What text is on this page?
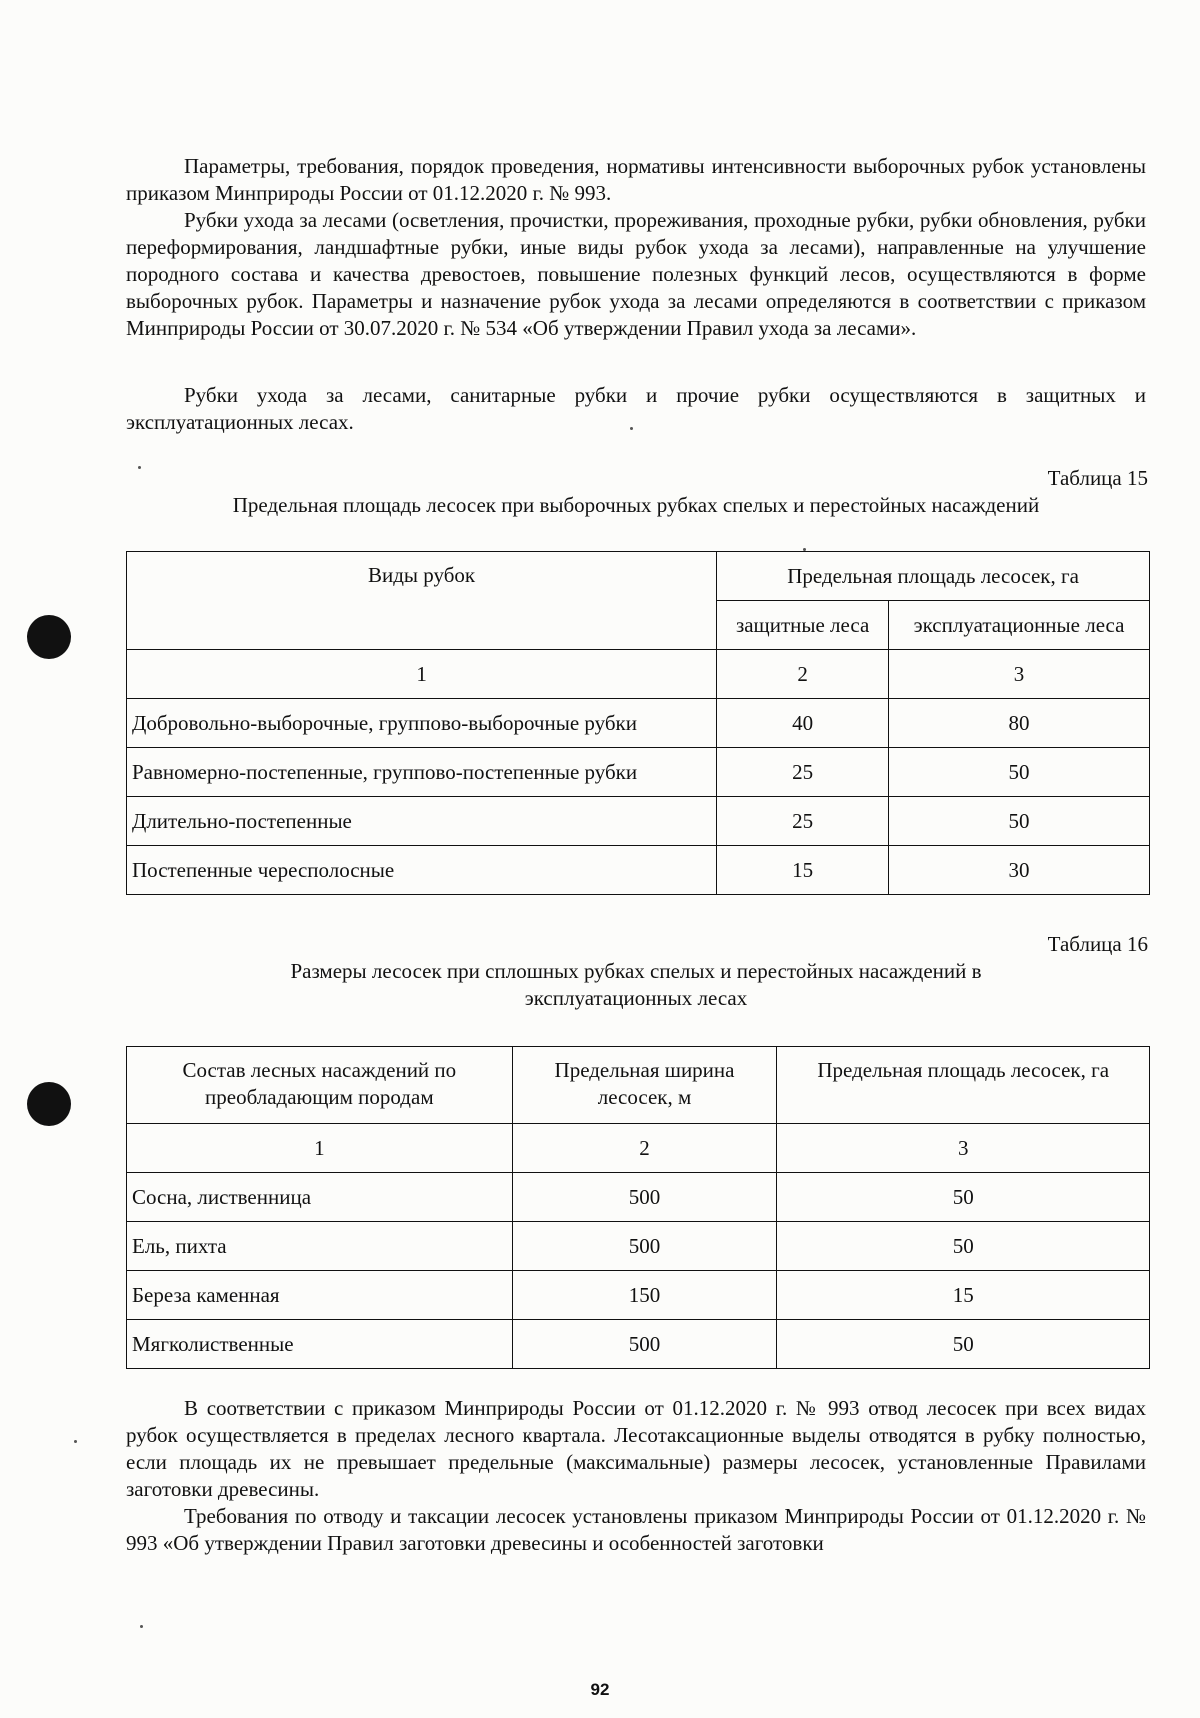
Параметры, требования, порядок проведения, нормативы интенсивности выборочных рубок установлены приказом Минприроды России от 01.12.2020 г. № 993.

Рубки ухода за лесами (осветления, прочистки, прореживания, проходные рубки, рубки обновления, рубки переформирования, ландшафтные рубки, иные виды рубок ухода за лесами), направленные на улучшение породного состава и качества древостоев, повышение полезных функций лесов, осуществляются в форме выборочных рубок. Параметры и назначение рубок ухода за лесами определяются в соответствии с приказом Минприроды России от 30.07.2020 г. № 534 «Об утверждении Правил ухода за лесами».

Рубки ухода за лесами, санитарные рубки и прочие рубки осуществляются в защитных и эксплуатационных лесах.

Таблица 15

Предельная площадь лесосек при выборочных рубках спелых и перестойных насаждений

Виды рубок	Предельная площадь лесосек, га	
	защитные леса	эксплуатационные леса
1	2	3
Добровольно-выборочные, группово-выборочные рубки	40	80
Равномерно-постепенные, группово-постепенные рубки	25	50
Длительно-постепенные	25	50
Постепенные чересполосные	15	30

Таблица 16

Размеры лесосек при сплошных рубках спелых и перестойных насаждений в

эксплуатационных лесах

Состав лесных насаждений по преобладающим породам	Предельная ширина лесосек, м	Предельная площадь лесосек, га
1	2	3
Сосна, лиственница	500	50
Ель, пихта	500	50
Береза каменная	150	15
Мягколиственные	500	50

В соответствии с приказом Минприроды России от 01.12.2020 г. № 993 отвод лесосек при всех видах рубок осуществляется в пределах лесного квартала. Лесотаксационные выделы отводятся в рубку полностью, если площадь их не превышает предельные (максимальные) размеры лесосек, установленные Правилами заготовки древесины.

Требования по отводу и таксации лесосек установлены приказом Минприроды России от 01.12.2020 г. № 993 «Об утверждении Правил заготовки древесины и особенностей заготовки

92
